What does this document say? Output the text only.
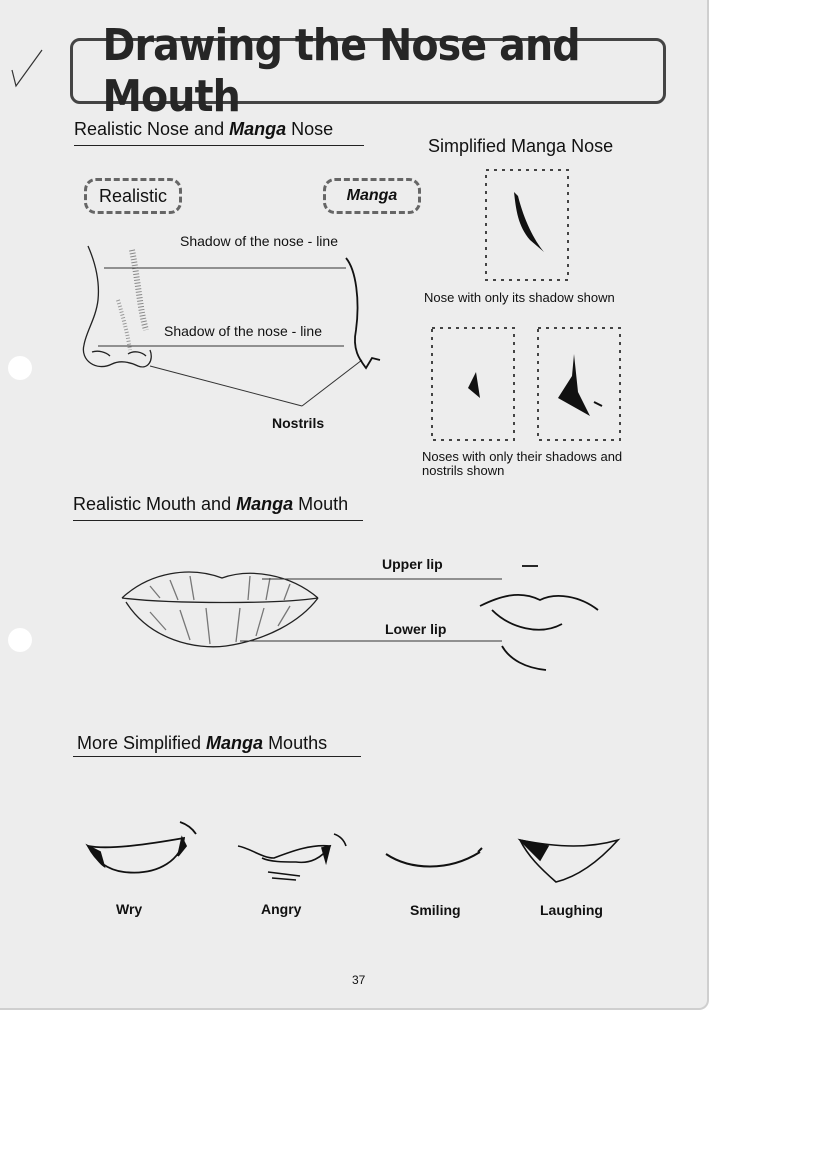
Drawing the Nose and Mouth
Realistic Nose and Manga Nose
Simplified Manga Nose
Realistic	Manga
Shadow of the nose - line
Shadow of the nose - line
Nostrils
Nose with only its shadow shown
Noses with only their shadows and nostrils shown
Realistic Mouth and Manga Mouth
Upper lip
Lower lip
More Simplified Manga Mouths
Wry	Angry	Smiling	Laughing
37
